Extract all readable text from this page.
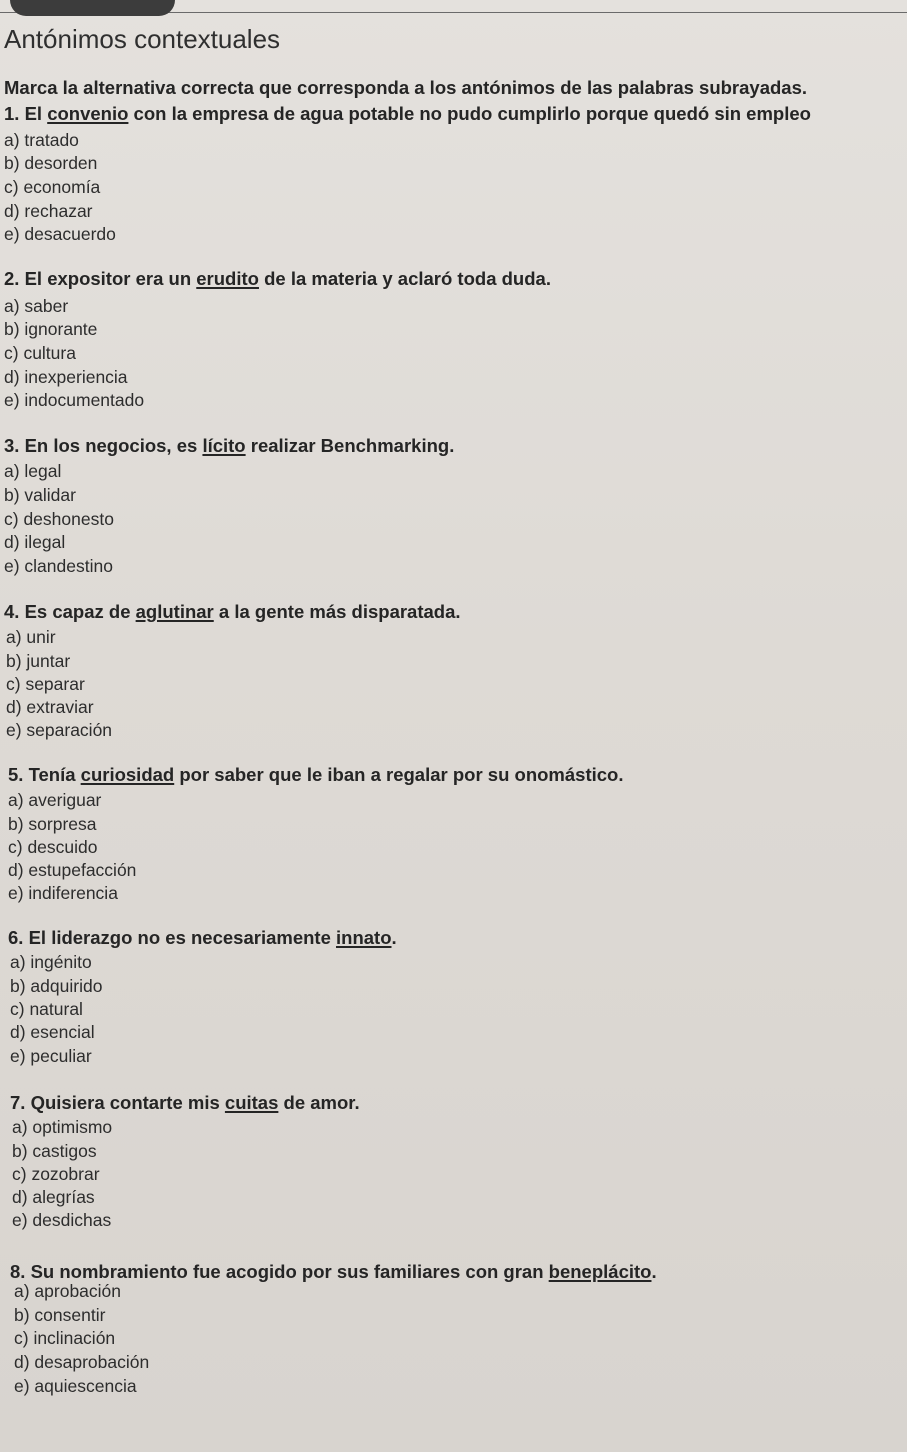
Antónimos contextuales
Marca la alternativa correcta que corresponda a los antónimos de las palabras subrayadas.
1. El convenio con la empresa de agua potable no pudo cumplirlo porque quedó sin empleo
a) tratado
b) desorden
c) economía
d) rechazar
e) desacuerdo
2. El expositor era un erudito de la materia y aclaró toda duda.
a) saber
b) ignorante
c) cultura
d) inexperiencia
e) indocumentado
3. En los negocios, es lícito realizar Benchmarking.
a) legal
b) validar
c) deshonesto
d) ilegal
e) clandestino
4. Es capaz de aglutinar a la gente más disparatada.
a) unir
b) juntar
c) separar
d) extraviar
e) separación
5. Tenía curiosidad por saber que le iban a regalar por su onomástico.
a) averiguar
b) sorpresa
c) descuido
d) estupefacción
e) indiferencia
6. El liderazgo no es necesariamente innato.
a) ingénito
b) adquirido
c) natural
d) esencial
e) peculiar
7. Quisiera contarte mis cuitas de amor.
a) optimismo
b) castigos
c) zozobrar
d) alegrías
e) desdichas
8. Su nombramiento fue acogido por sus familiares con gran beneplácito.
a) aprobación
b) consentir
c) inclinación
d) desaprobación
e) aquiescencia
